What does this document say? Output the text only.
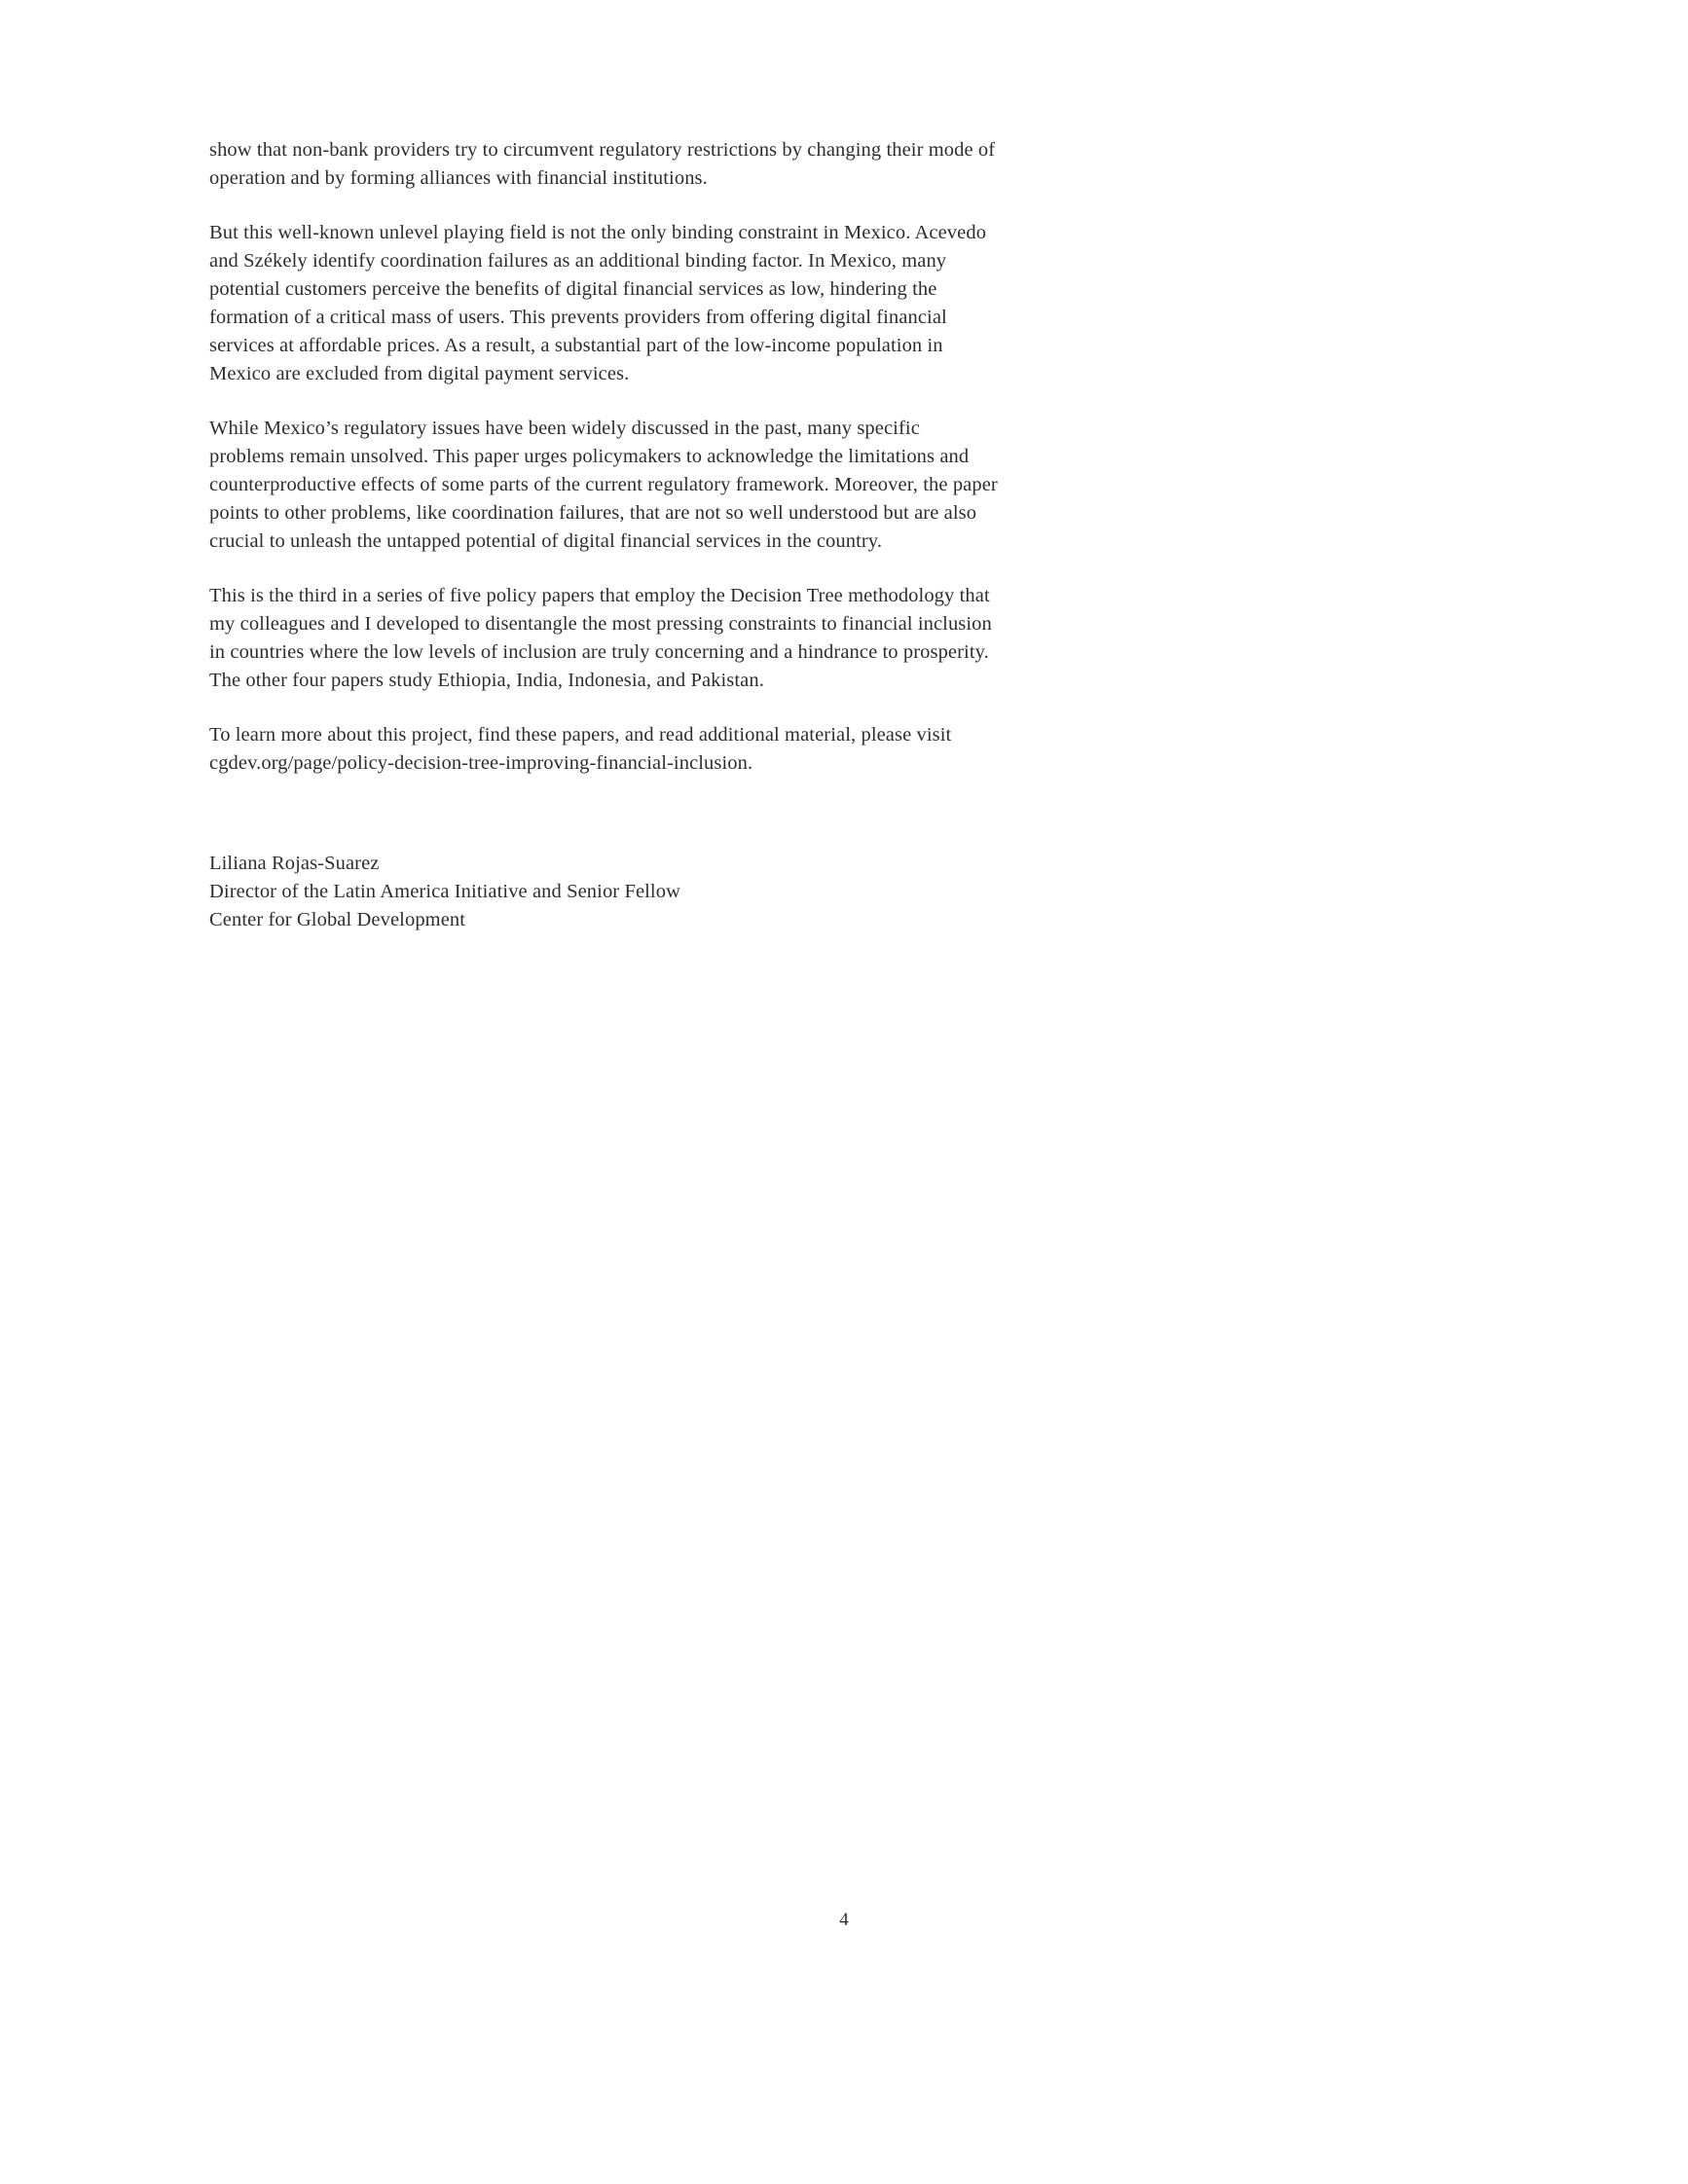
show that non-bank providers try to circumvent regulatory restrictions by changing their mode of operation and by forming alliances with financial institutions.

But this well-known unlevel playing field is not the only binding constraint in Mexico. Acevedo and Székely identify coordination failures as an additional binding factor. In Mexico, many potential customers perceive the benefits of digital financial services as low, hindering the formation of a critical mass of users. This prevents providers from offering digital financial services at affordable prices. As a result, a substantial part of the low-income population in Mexico are excluded from digital payment services.

While Mexico’s regulatory issues have been widely discussed in the past, many specific problems remain unsolved. This paper urges policymakers to acknowledge the limitations and counterproductive effects of some parts of the current regulatory framework. Moreover, the paper points to other problems, like coordination failures, that are not so well understood but are also crucial to unleash the untapped potential of digital financial services in the country.

This is the third in a series of five policy papers that employ the Decision Tree methodology that my colleagues and I developed to disentangle the most pressing constraints to financial inclusion in countries where the low levels of inclusion are truly concerning and a hindrance to prosperity. The other four papers study Ethiopia, India, Indonesia, and Pakistan.

To learn more about this project, find these papers, and read additional material, please visit cgdev.org/page/policy-decision-tree-improving-financial-inclusion.

Liliana Rojas-Suarez

Director of the Latin America Initiative and Senior Fellow

Center for Global Development

4
